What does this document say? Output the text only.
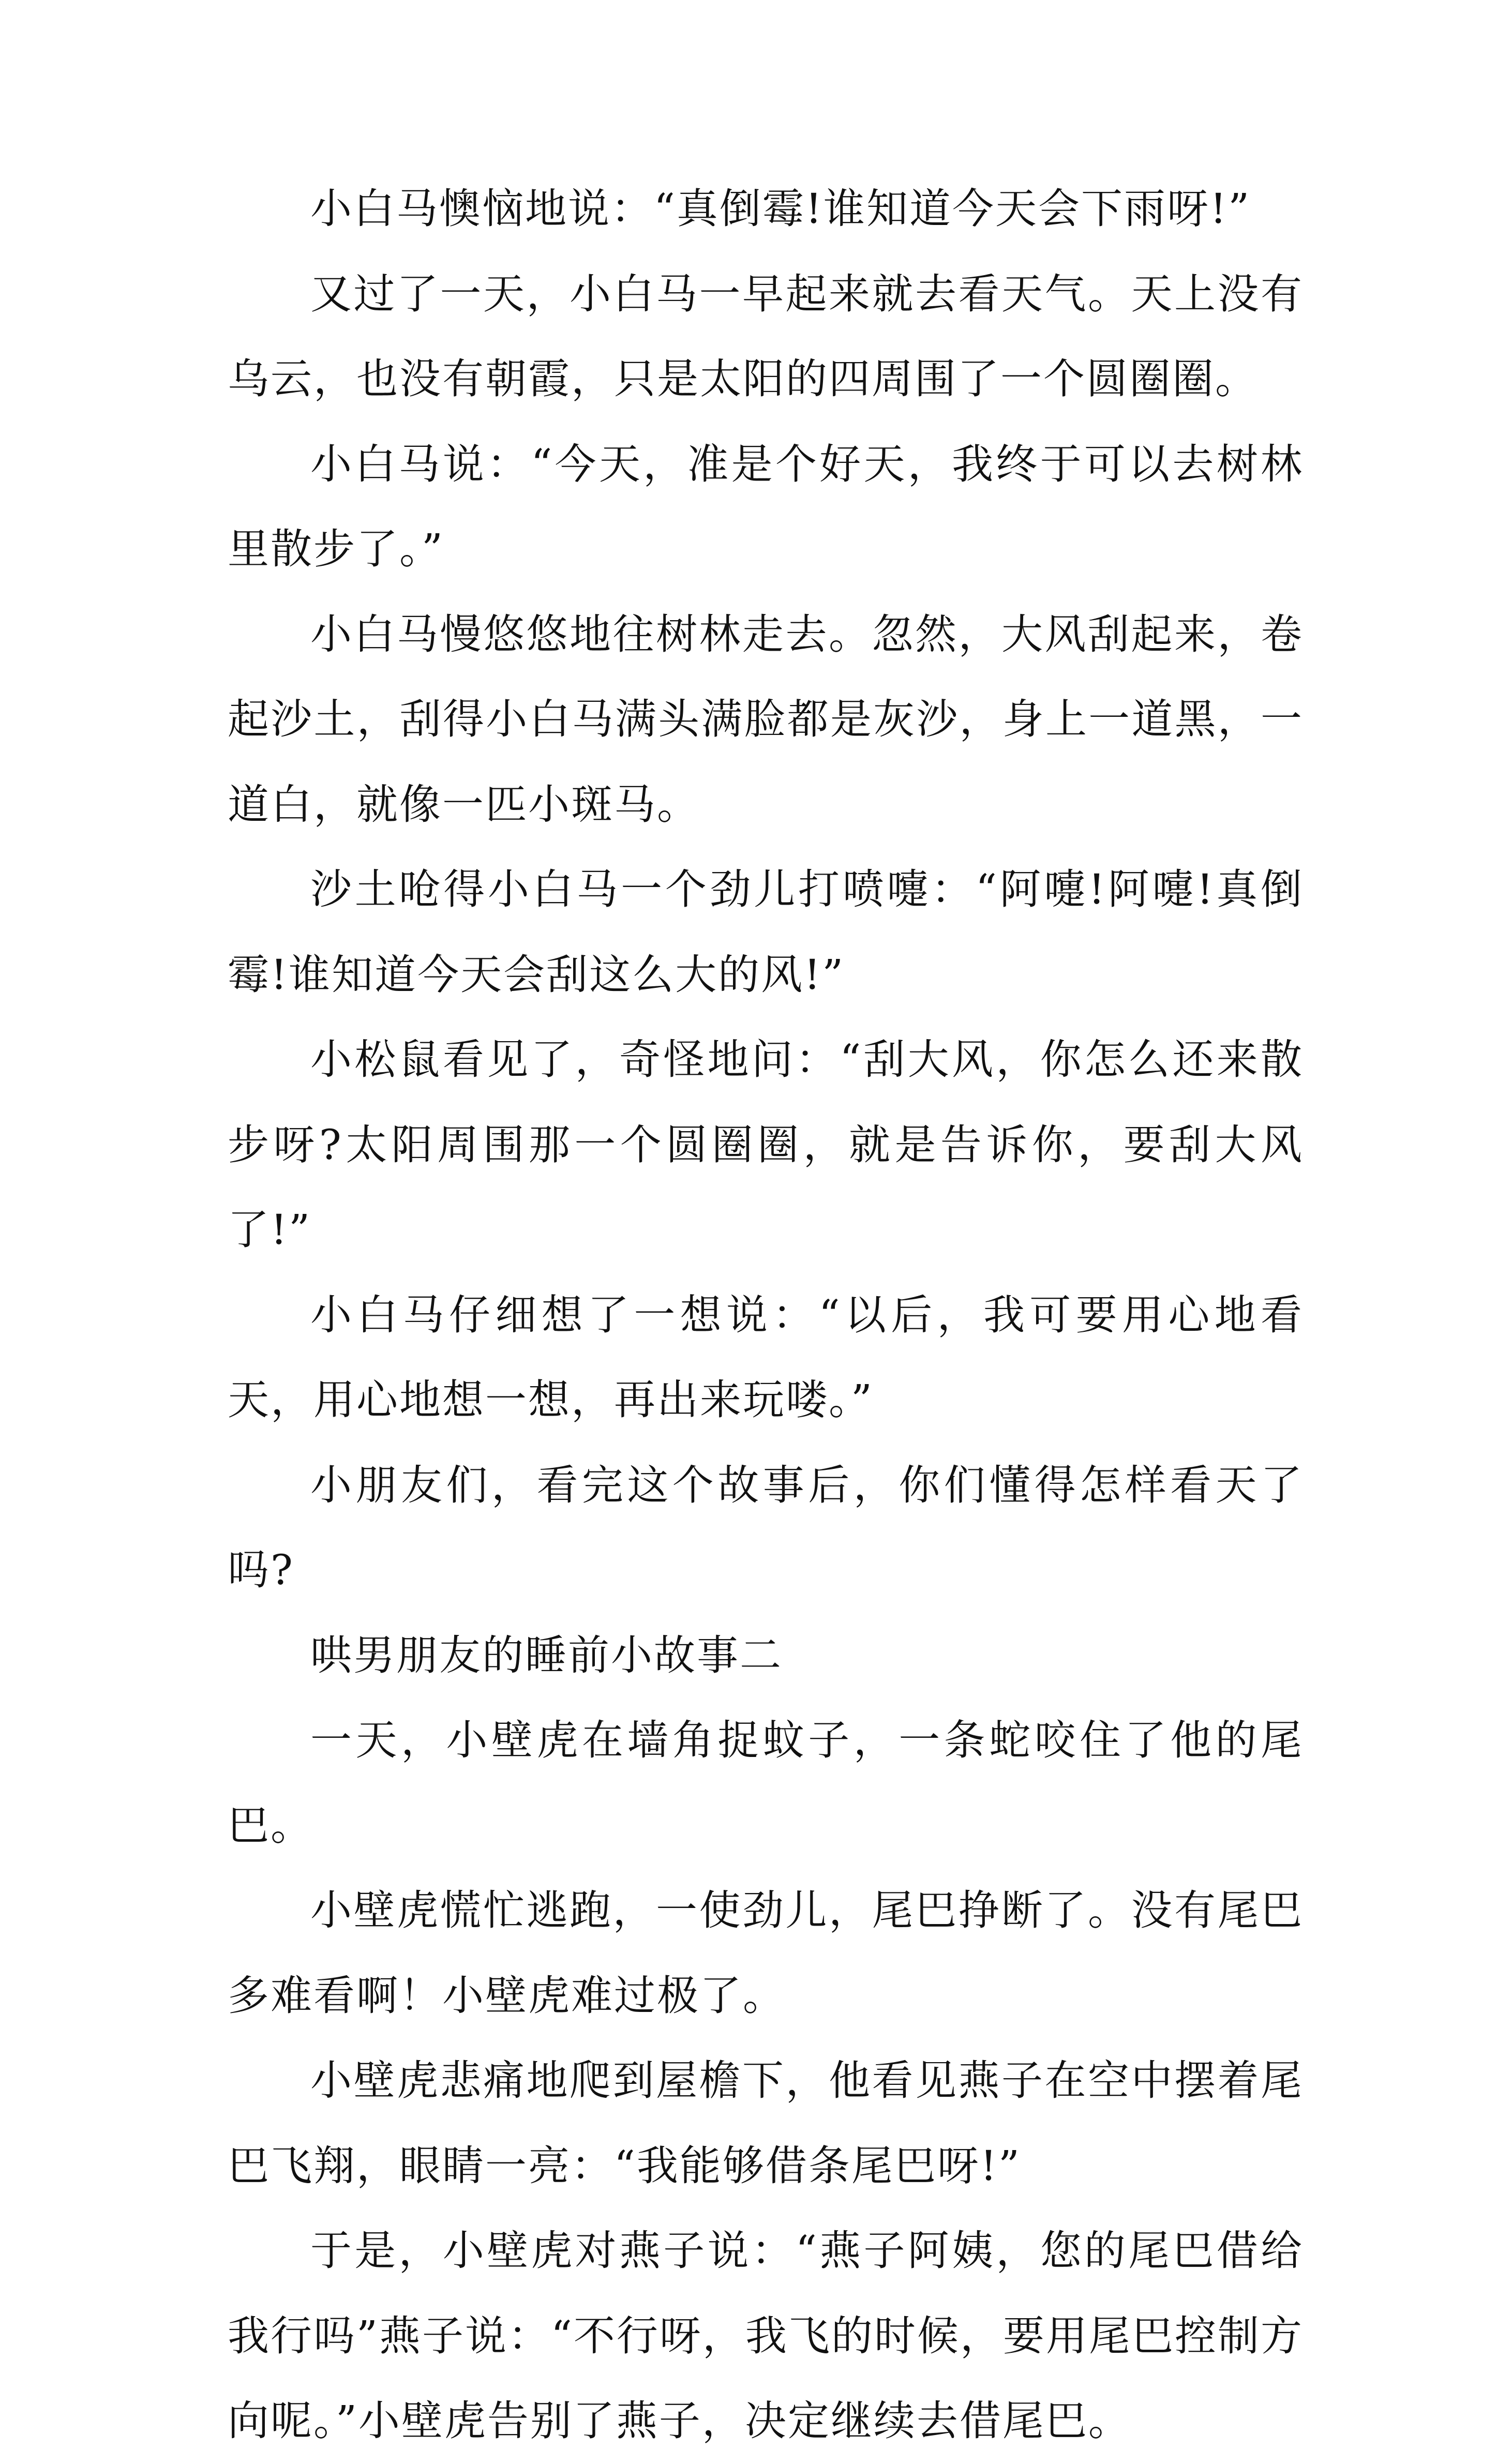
小白马懊恼地说：“真倒霉!谁知道今天会下雨呀!”

又过了一天，小白马一早起来就去看天气。天上没有乌云，也没有朝霞，只是太阳的四周围了一个圆圈圈。

小白马说：“今天，准是个好天，我终于可以去树林里散步了。”

小白马慢悠悠地往树林走去。忽然，大风刮起来，卷起沙土，刮得小白马满头满脸都是灰沙，身上一道黑，一道白，就像一匹小斑马。

沙土呛得小白马一个劲儿打喷嚏：“阿嚏!阿嚏!真倒霉!谁知道今天会刮这么大的风!”

小松鼠看见了，奇怪地问：“刮大风，你怎么还来散步呀?太阳周围那一个圆圈圈，就是告诉你，要刮大风了!”

小白马仔细想了一想说：“以后，我可要用心地看天，用心地想一想，再出来玩喽。”

小朋友们，看完这个故事后，你们懂得怎样看天了吗?

哄男朋友的睡前小故事二

一天，小壁虎在墙角捉蚊子，一条蛇咬住了他的尾巴。

小壁虎慌忙逃跑，一使劲儿，尾巴挣断了。没有尾巴多难看啊！小壁虎难过极了。

小壁虎悲痛地爬到屋檐下，他看见燕子在空中摆着尾巴飞翔，眼睛一亮：“我能够借条尾巴呀!”

于是，小壁虎对燕子说：“燕子阿姨，您的尾巴借给我行吗”燕子说：“不行呀，我飞的时候，要用尾巴控制方向呢。”小壁虎告别了燕子，决定继续去借尾巴。
